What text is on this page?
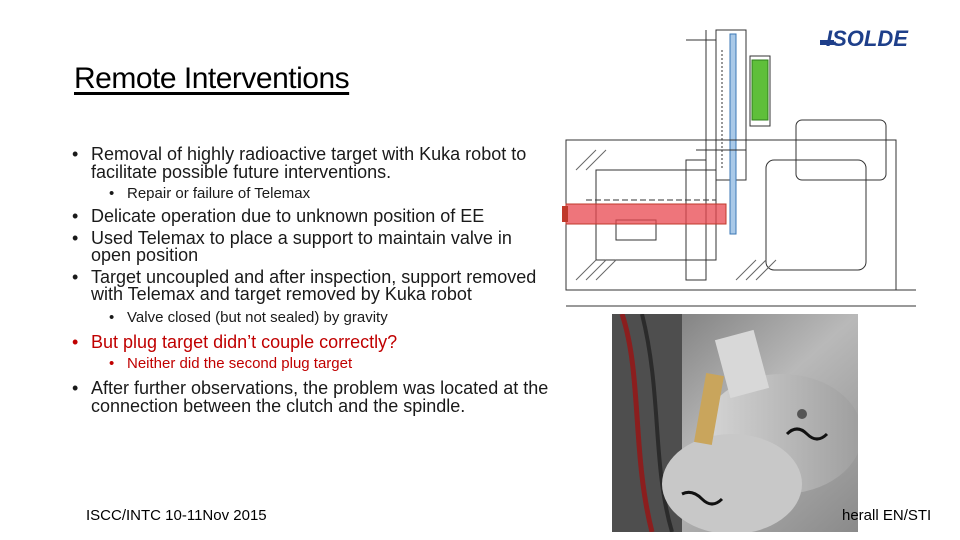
Remote Interventions
• Removal of highly radioactive target with Kuka robot to facilitate possible future interventions.
• Repair or failure of Telemax
• Delicate operation due to unknown position of EE
• Used Telemax to place a support to maintain valve in open position
• Target uncoupled and after inspection, support removed with Telemax and target removed by Kuka robot
• Valve closed (but not sealed) by gravity
• But plug target didn’t couple correctly?
• Neither did the second plug target
• After further observations, the problem was located at the connection between the clutch and the spindle.
ISOLDE
ISCC/INTC 10-11Nov 2015	herall EN/STI
